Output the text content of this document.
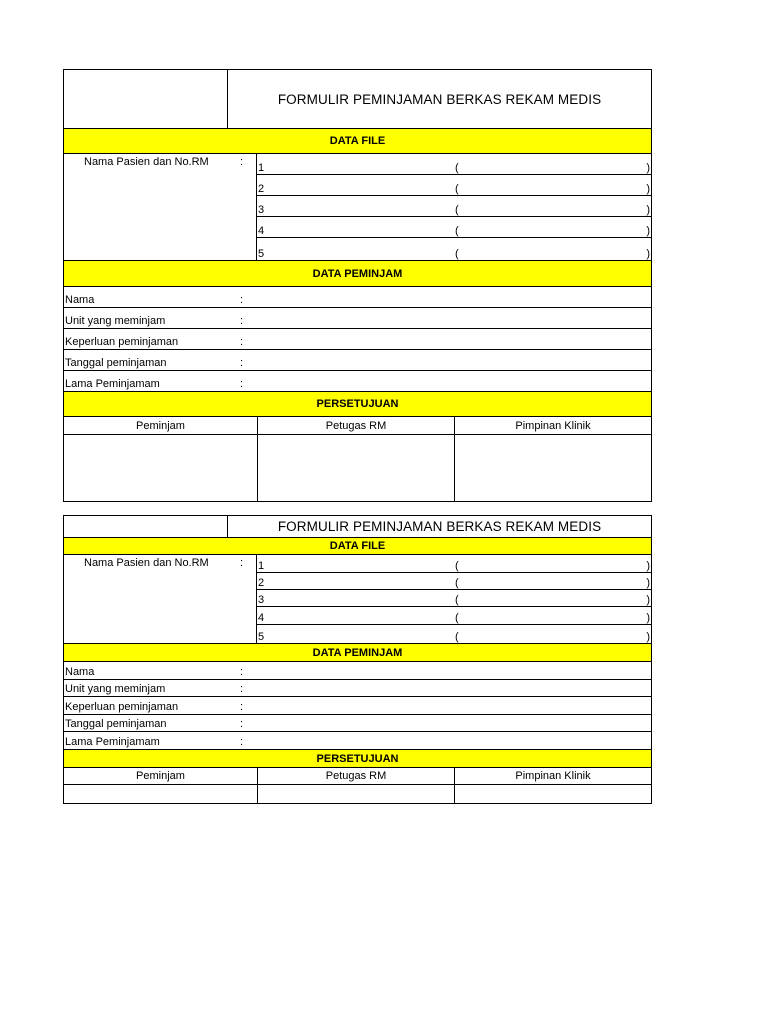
FORMULIR PEMINJAMAN BERKAS REKAM MEDIS
DATA FILE
Nama Pasien dan No.RM	: 1	(	)
2	(	)
3	(	)
4	(	)
5	(	)
DATA PEMINJAM
Nama	:
Unit yang meminjam	:
Keperluan peminjaman	:
Tanggal peminjaman	:
Lama Peminjamam	:
PERSETUJUAN
Peminjam	Petugas RM	Pimpinan Klinik
FORMULIR PEMINJAMAN BERKAS REKAM MEDIS
DATA FILE
Nama Pasien dan No.RM	: 1	(	)
2	(	)
3	(	)
4	(	)
5	(	)
DATA PEMINJAM
Nama	:
Unit yang meminjam	:
Keperluan peminjaman	:
Tanggal peminjaman	:
Lama Peminjamam	:
PERSETUJUAN
Peminjam	Petugas RM	Pimpinan Klinik
